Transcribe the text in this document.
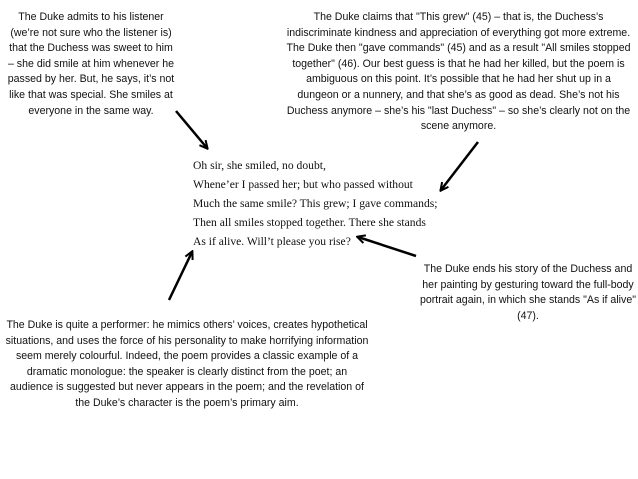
The Duke admits to his listener (we’re not sure who the listener is) that the Duchess was sweet to him – she did smile at him whenever he passed by her. But, he says, it’s not like that was special. She smiles at everyone in the same way.
The Duke claims that "This grew" (45) – that is, the Duchess's indiscriminate kindness and appreciation of everything got more extreme. The Duke then "gave commands" (45) and as a result "All smiles stopped together" (46). Our best guess is that he had her killed, but the poem is ambiguous on this point. It’s possible that he had her shut up in a dungeon or a nunnery, and that she’s as good as dead. She’s not his Duchess anymore – she’s his "last Duchess" – so she’s clearly not on the scene anymore.
The Duke ends his story of the Duchess and her painting by gesturing toward the full-body portrait again, in which she stands "As if alive" (47).
The Duke is quite a performer: he mimics others’ voices, creates hypothetical situations, and uses the force of his personality to make horrifying information seem merely colourful. Indeed, the poem provides a classic example of a dramatic monologue: the speaker is clearly distinct from the poet; an audience is suggested but never appears in the poem; and the revelation of the Duke’s character is the poem’s primary aim.
Oh sir, she smiled, no doubt,
Whene’er I passed her; but who passed without
Much the same smile? This grew; I gave commands;
Then all smiles stopped together. There she stands
As if alive. Will’t please you rise?
